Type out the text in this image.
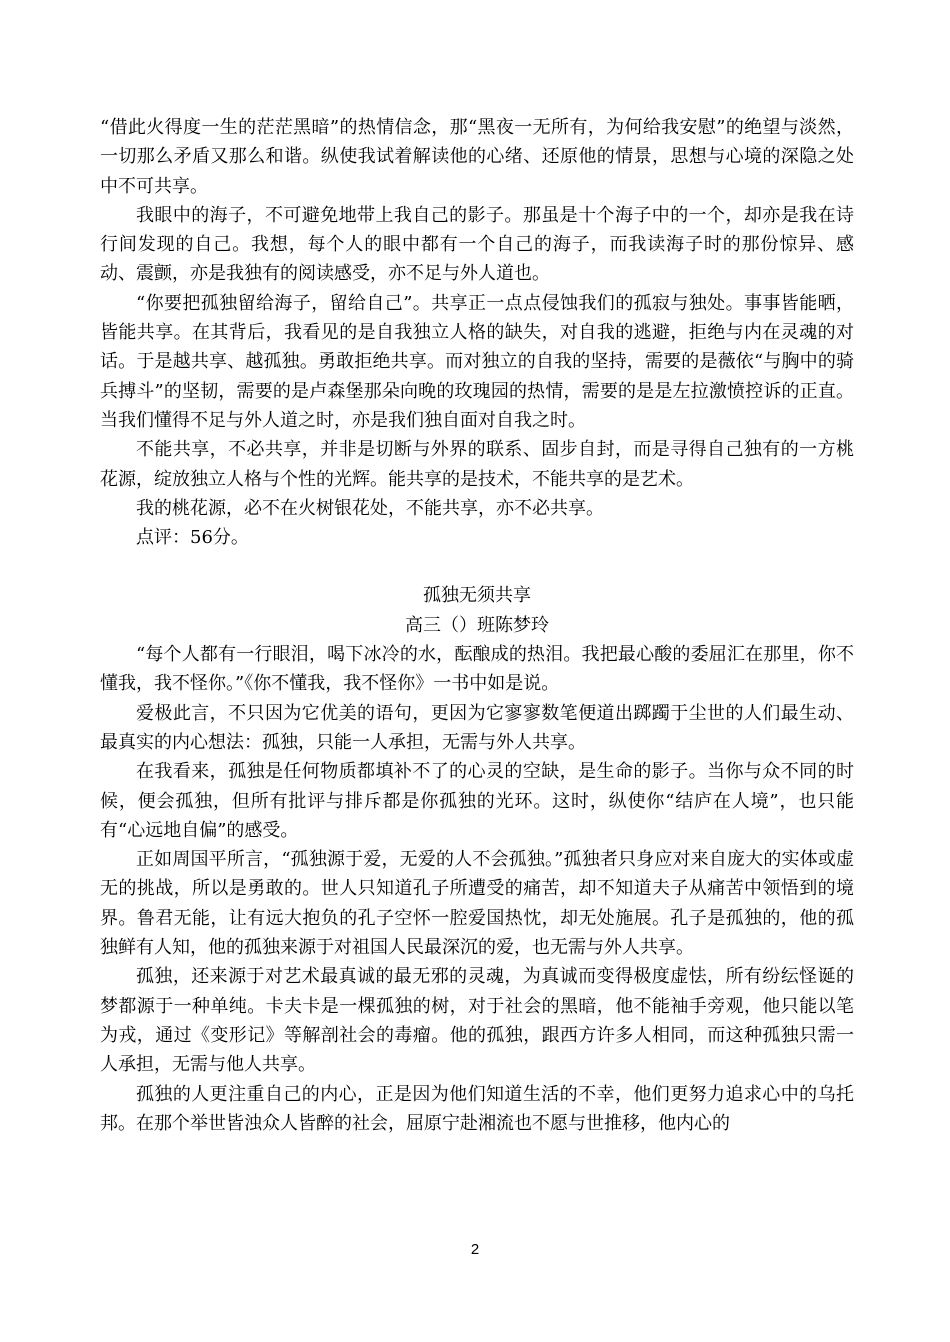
“借此火得度一生的茫茫黑暗”的热情信念，那“黑夜一无所有，为何给我安慰”的绝望与淡然，一切那么矛盾又那么和谐。纵使我试着解读他的心绪、还原他的情景，思想与心境的深隐之处中不可共享。

我眼中的海子，不可避免地带上我自己的影子。那虽是十个海子中的一个，却亦是我在诗行间发现的自己。我想，每个人的眼中都有一个自己的海子，而我读海子时的那份惊异、感动、震颤，亦是我独有的阅读感受，亦不足与外人道也。

“你要把孤独留给海子，留给自己”。共享正一点点侵蚀我们的孤寂与独处。事事皆能晒，皆能共享。在其背后，我看见的是自我独立人格的缺失，对自我的逃避，拒绝与内在灵魂的对话。于是越共享、越孤独。勇敢拒绝共享。而对独立的自我的坚持，需要的是薇依“与胸中的骑兵搏斗”的坚韧，需要的是卢森堡那朵向晚的玫瑰园的热情，需要的是是左拉激愤控诉的正直。当我们懂得不足与外人道之时，亦是我们独自面对自我之时。

不能共享，不必共享，并非是切断与外界的联系、固步自封，而是寻得自己独有的一方桃花源，绽放独立人格与个性的光辉。能共享的是技术，不能共享的是艺术。

我的桃花源，必不在火树银花处，不能共享，亦不必共享。

点评：56分。

孤独无须共享

高三（）班陈梦玲

“每个人都有一行眼泪，喝下冰冷的水，酝酿成的热泪。我把最心酸的委屈汇在那里，你不懂我，我不怪你。”《你不懂我，我不怪你》一书中如是说。

爱极此言，不只因为它优美的语句，更因为它寥寥数笔便道出踯躅于尘世的人们最生动、最真实的内心想法：孤独，只能一人承担，无需与外人共享。

在我看来，孤独是任何物质都填补不了的心灵的空缺，是生命的影子。当你与众不同的时候，便会孤独，但所有批评与排斥都是你孤独的光环。这时，纵使你“结庐在人境”，也只能有“心远地自偏”的感受。

正如周国平所言，“孤独源于爱，无爱的人不会孤独。”孤独者只身应对来自庞大的实体或虚无的挑战，所以是勇敢的。世人只知道孔子所遭受的痛苦，却不知道夫子从痛苦中领悟到的境界。鲁君无能，让有远大抱负的孔子空怀一腔爱国热忱，却无处施展。孔子是孤独的，他的孤独鲜有人知，他的孤独来源于对祖国人民最深沉的爱，也无需与外人共享。

孤独，还来源于对艺术最真诚的最无邪的灵魂，为真诚而变得极度虚怯，所有纷纭怪诞的梦都源于一种单纯。卡夫卡是一棵孤独的树，对于社会的黑暗，他不能袖手旁观，他只能以笔为戎，通过《变形记》等解剖社会的毒瘤。他的孤独，跟西方许多人相同，而这种孤独只需一人承担，无需与他人共享。

孤独的人更注重自己的内心，正是因为他们知道生活的不幸，他们更努力追求心中的乌托邦。在那个举世皆浊众人皆醉的社会，屈原宁赴湘流也不愿与世推移，他内心的

2
